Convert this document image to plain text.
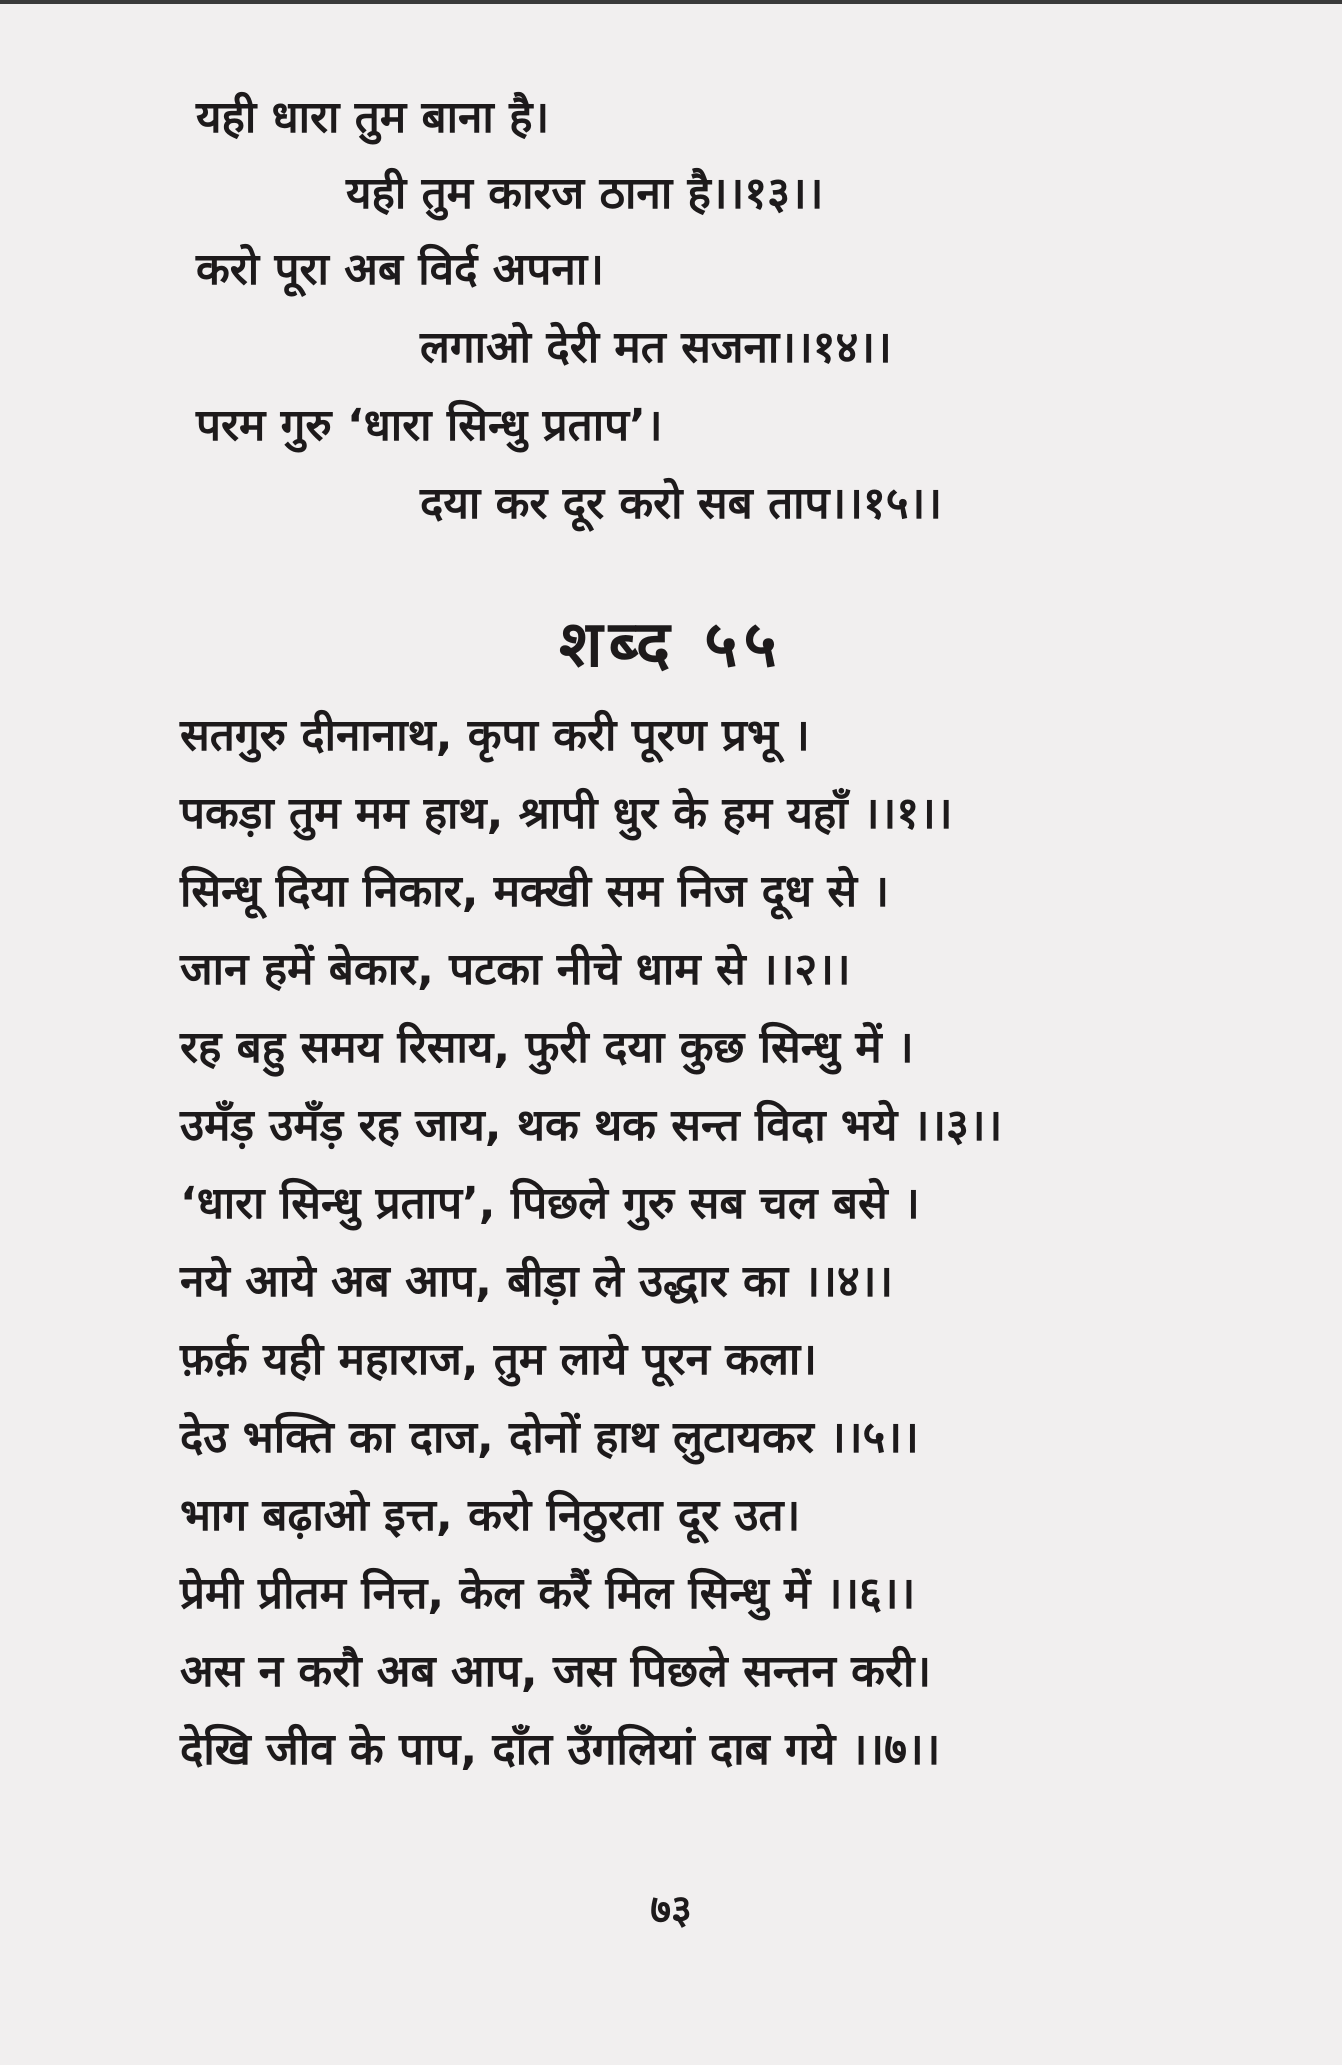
यही धारा तुम बाना है।

यही तुम कारज ठाना है।।१३।।

करो पूरा अब विर्द अपना।

लगाओ देरी मत सजना।।१४।।

परम गुरु ‘धारा सिन्धु प्रताप’।

दया कर दूर करो सब ताप।।१५।।

शब्द ५५

सतगुरु दीनानाथ, कृपा करी पूरण प्रभू ।

पकड़ा तुम मम हाथ, श्रापी धुर के हम यहाँ ।।१।।

सिन्धू दिया निकार, मक्खी सम निज दूध से ।

जान हमें बेकार, पटका नीचे धाम से ।।२।।

रह बहु समय रिसाय, फुरी दया कुछ सिन्धु में ।

उमँड़ उमँड़ रह जाय, थक थक सन्त विदा भये ।।३।।

‘धारा सिन्धु प्रताप’, पिछले गुरु सब चल बसे ।

नये आये अब आप, बीड़ा ले उद्धार का ।।४।।

फ़र्क़ यही महाराज, तुम लाये पूरन कला।

देउ भक्ति का दाज, दोनों हाथ लुटायकर ।।५।।

भाग बढ़ाओ इत्त, करो निठुरता दूर उत।

प्रेमी प्रीतम नित्त, केल करैं मिल सिन्धु में ।।६।।

अस न करौ अब आप, जस पिछले सन्तन करी।

देखि जीव के पाप, दाँत उँगलियां दाब गये ।।७।।

७३
